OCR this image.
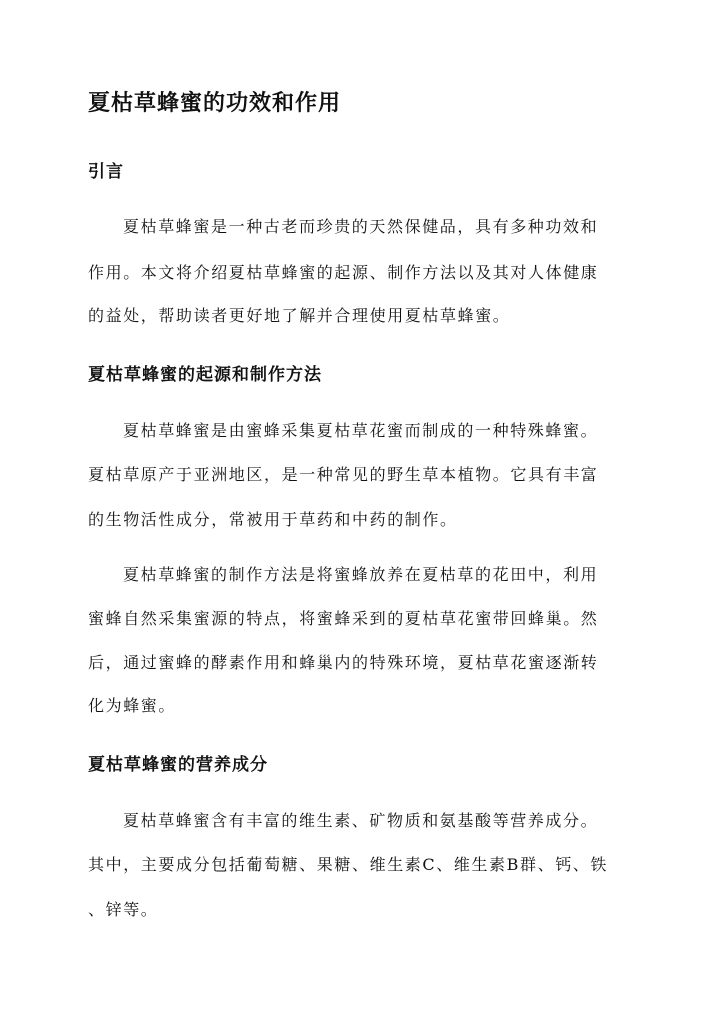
夏枯草蜂蜜的功效和作用
引言

夏枯草蜂蜜是一种古老而珍贵的天然保健品，具有多种功效和

作用。本文将介绍夏枯草蜂蜜的起源、制作方法以及其对人体健康

的益处，帮助读者更好地了解并合理使用夏枯草蜂蜜。

夏枯草蜂蜜的起源和制作方法

夏枯草蜂蜜是由蜜蜂采集夏枯草花蜜而制成的一种特殊蜂蜜。

夏枯草原产于亚洲地区，是一种常见的野生草本植物。它具有丰富

的生物活性成分，常被用于草药和中药的制作。

夏枯草蜂蜜的制作方法是将蜜蜂放养在夏枯草的花田中，利用

蜜蜂自然采集蜜源的特点，将蜜蜂采到的夏枯草花蜜带回蜂巢。然

后，通过蜜蜂的酵素作用和蜂巢内的特殊环境，夏枯草花蜜逐渐转

化为蜂蜜。

夏枯草蜂蜜的营养成分

夏枯草蜂蜜含有丰富的维生素、矿物质和氨基酸等营养成分。

其中，主要成分包括葡萄糖、果糖、维生素C、维生素B群、钙、铁

、锌等。
